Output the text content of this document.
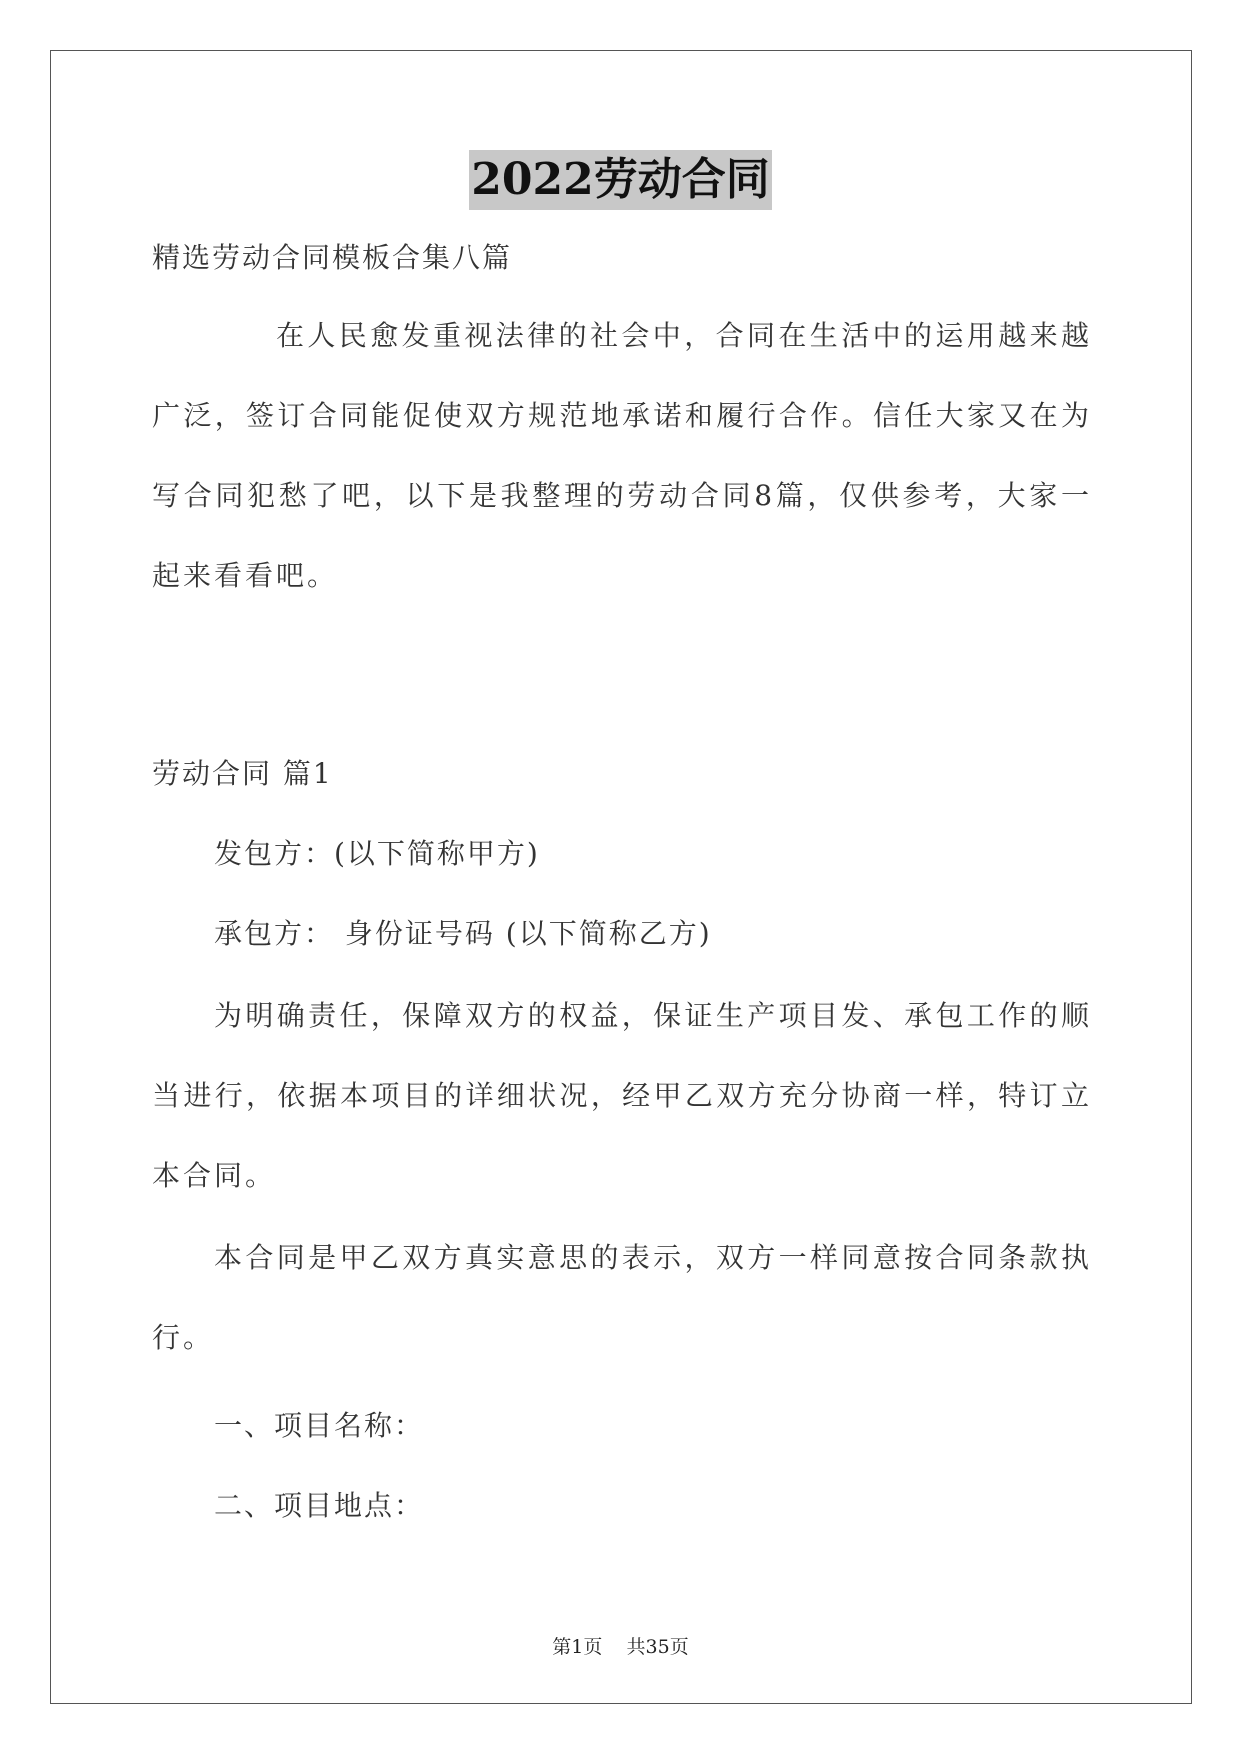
2022劳动合同
精选劳动合同模板合集八篇
在人民愈发重视法律的社会中，合同在生活中的运用越来越广泛，签订合同能促使双方规范地承诺和履行合作。信任大家又在为写合同犯愁了吧，以下是我整理的劳动合同8篇，仅供参考，大家一起来看看吧。
劳动合同 篇1
发包方：(以下简称甲方)
承包方： 身份证号码 (以下简称乙方)
为明确责任，保障双方的权益，保证生产项目发、承包工作的顺当进行，依据本项目的详细状况，经甲乙双方充分协商一样，特订立本合同。
本合同是甲乙双方真实意思的表示，双方一样同意按合同条款执行。
一、项目名称：
二、项目地点：
第1页 共35页
